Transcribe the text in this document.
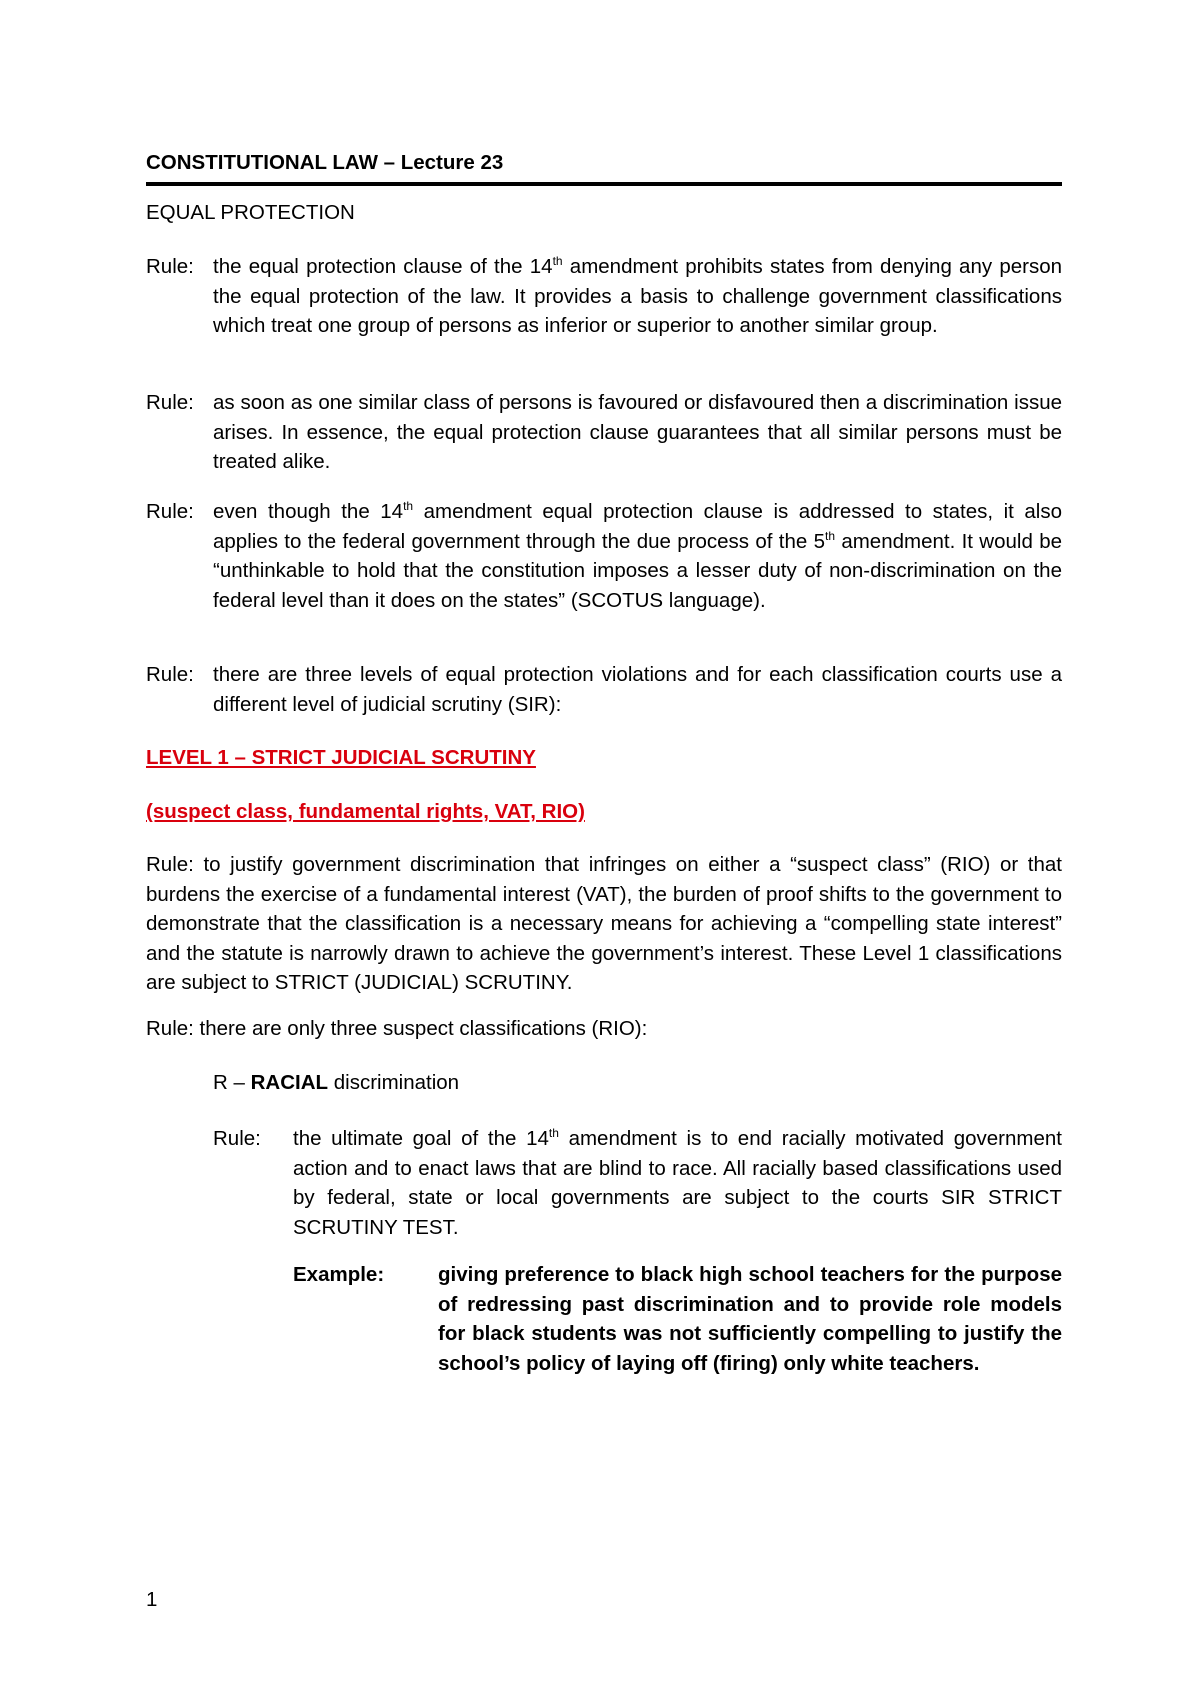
CONSTITUTIONAL LAW – Lecture 23
EQUAL PROTECTION
Rule: the equal protection clause of the 14th amendment prohibits states from denying any person the equal protection of the law. It provides a basis to challenge government classifications which treat one group of persons as inferior or superior to another similar group.
Rule: as soon as one similar class of persons is favoured or disfavoured then a discrimination issue arises. In essence, the equal protection clause guarantees that all similar persons must be treated alike.
Rule: even though the 14th amendment equal protection clause is addressed to states, it also applies to the federal government through the due process of the 5th amendment. It would be “unthinkable to hold that the constitution imposes a lesser duty of non-discrimination on the federal level than it does on the states” (SCOTUS language).
Rule: there are three levels of equal protection violations and for each classification courts use a different level of judicial scrutiny (SIR):
LEVEL 1 – STRICT JUDICIAL SCRUTINY
(suspect class, fundamental rights, VAT, RIO)
Rule: to justify government discrimination that infringes on either a “suspect class” (RIO) or that burdens the exercise of a fundamental interest (VAT), the burden of proof shifts to the government to demonstrate that the classification is a necessary means for achieving a “compelling state interest” and the statute is narrowly drawn to achieve the government’s interest. These Level 1 classifications are subject to STRICT (JUDICIAL) SCRUTINY.
Rule: there are only three suspect classifications (RIO):
R – RACIAL discrimination
Rule: the ultimate goal of the 14th amendment is to end racially motivated government action and to enact laws that are blind to race. All racially based classifications used by federal, state or local governments are subject to the courts SIR STRICT SCRUTINY TEST.
Example:	giving preference to black high school teachers for the purpose of redressing past discrimination and to provide role models for black students was not sufficiently compelling to justify the school’s policy of laying off (firing) only white teachers.
1
